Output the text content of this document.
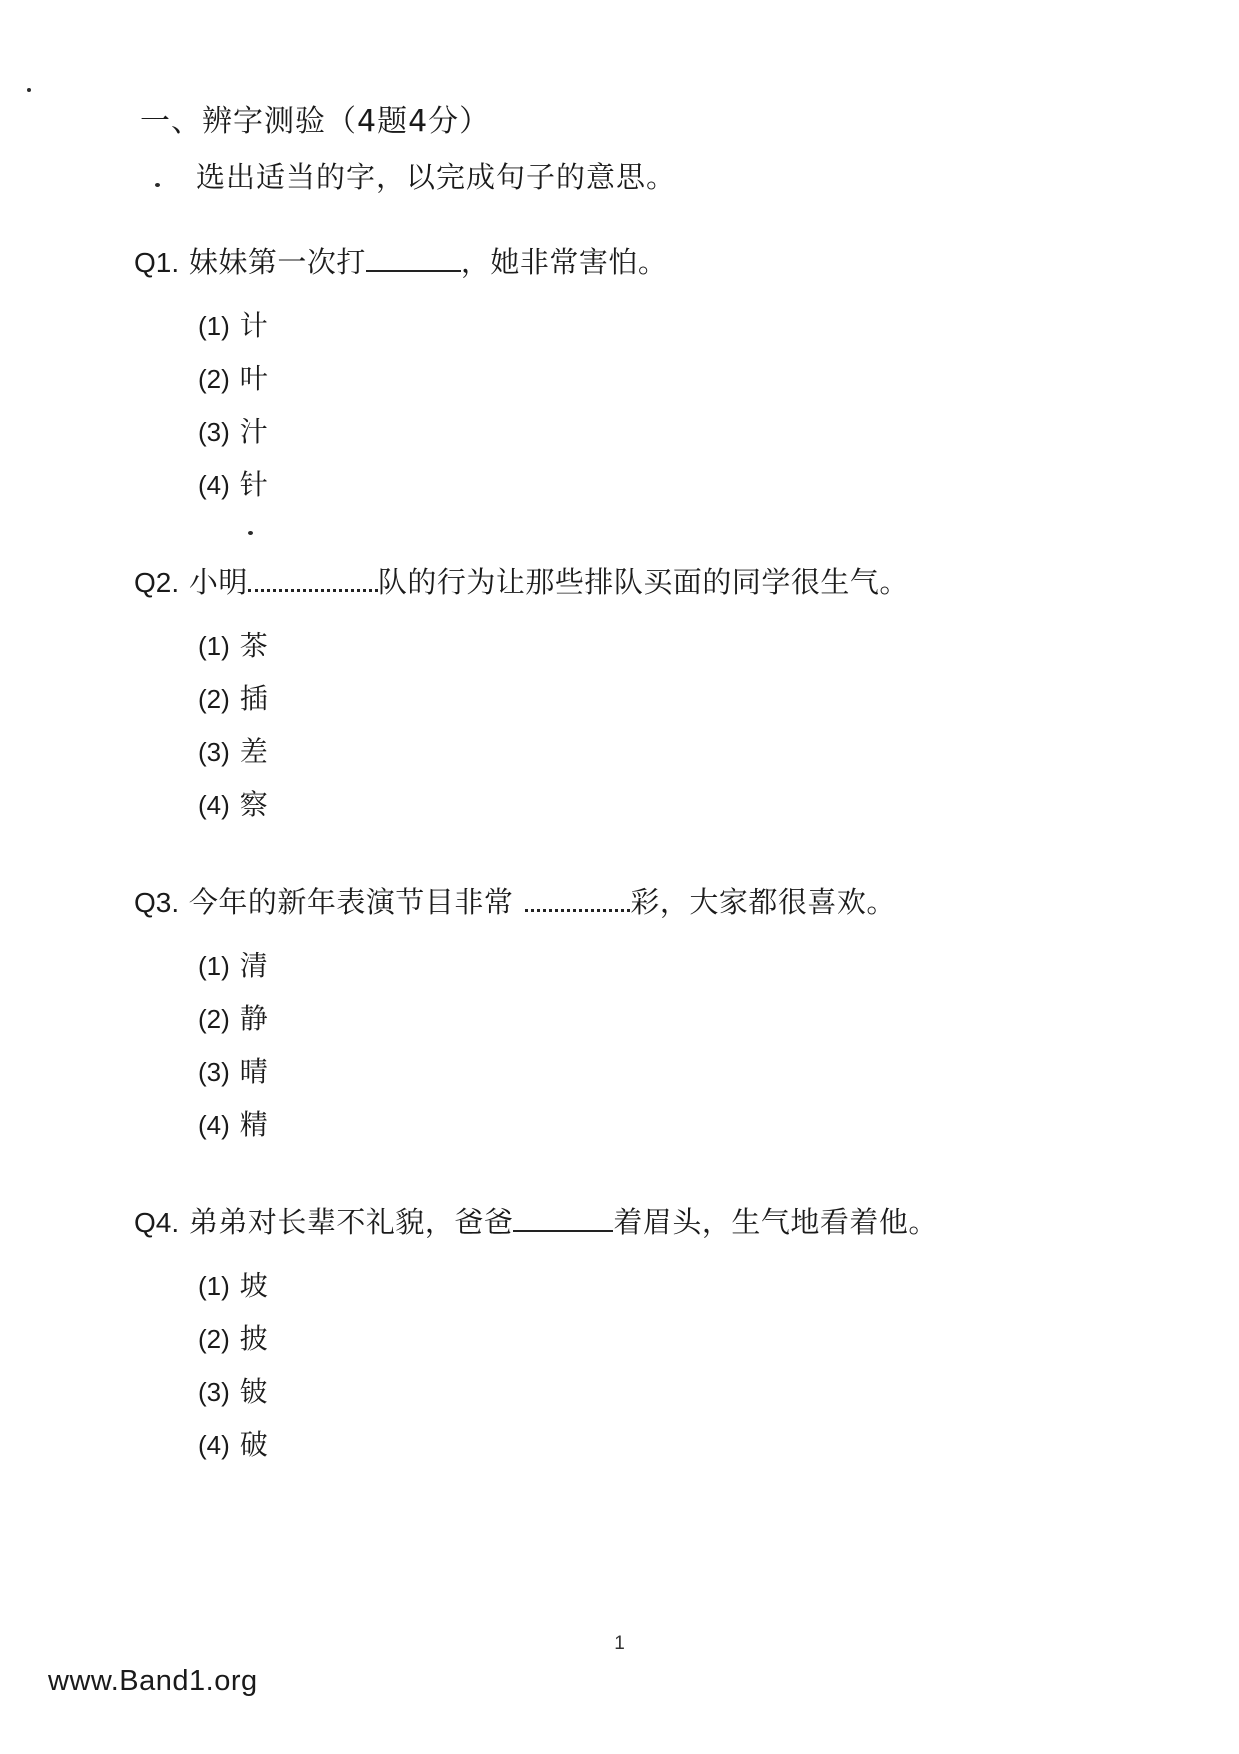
一、辨字测验（4题4分）
选出适当的字，以完成句子的意思。
Q1. 妹妹第一次打	，她非常害怕。
(1) 计
(2) 叶
(3) 汁
(4) 针
Q2. 小明	队的行为让那些排队买面的同学很生气。
(1) 茶
(2) 插
(3) 差
(4) 察
Q3. 今年的新年表演节目非常	彩，大家都很喜欢。
(1) 清
(2) 静
(3) 晴
(4) 精
Q4. 弟弟对长辈不礼貌，爸爸	着眉头，生气地看着他。
(1) 坡
(2) 披
(3) 铍
(4) 破
1
www.Band1.org
